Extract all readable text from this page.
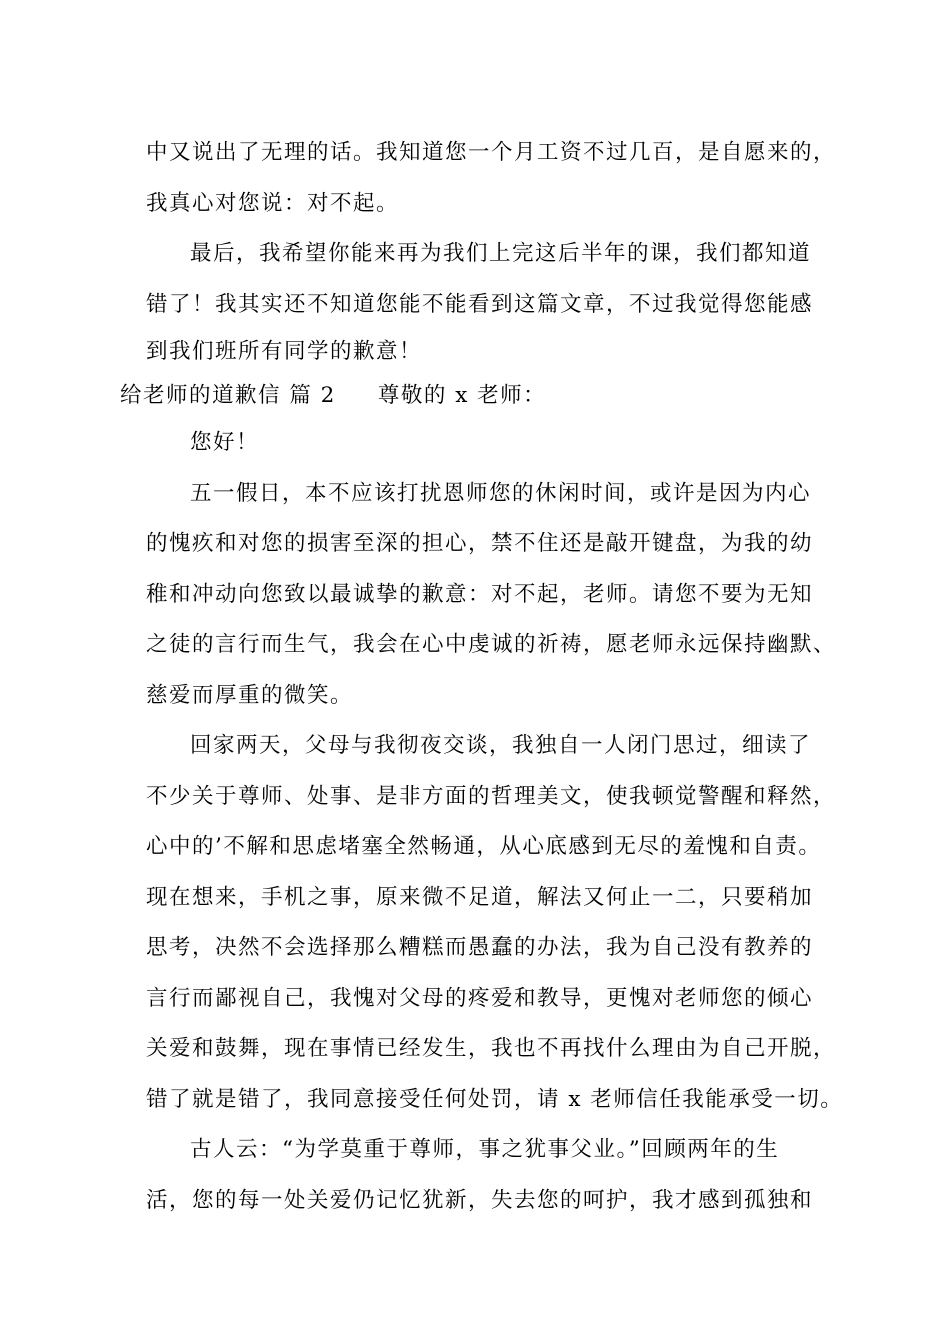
中又说出了无理的话。我知道您一个月工资不过几百，是自愿来的，
我真心对您说：对不起。
最后，我希望你能来再为我们上完这后半年的课，我们都知道
错了！我其实还不知道您能不能看到这篇文章，不过我觉得您能感
到我们班所有同学的歉意！
给老师的道歉信 篇 2 尊敬的 x 老师：
您好！
五一假日，本不应该打扰恩师您的休闲时间，或许是因为内心
的愧疚和对您的损害至深的担心，禁不住还是敲开键盘，为我的幼
稚和冲动向您致以最诚挚的歉意：对不起，老师。请您不要为无知
之徒的言行而生气，我会在心中虔诚的祈祷，愿老师永远保持幽默、
慈爱而厚重的微笑。
回家两天，父母与我彻夜交谈，我独自一人闭门思过，细读了
不少关于尊师、处事、是非方面的哲理美文，使我顿觉警醒和释然，
心中的’不解和思虑堵塞全然畅通，从心底感到无尽的羞愧和自责。
现在想来，手机之事，原来微不足道，解法又何止一二，只要稍加
思考，决然不会选择那么糟糕而愚蠢的办法，我为自己没有教养的
言行而鄙视自己，我愧对父母的疼爱和教导，更愧对老师您的倾心
关爱和鼓舞，现在事情已经发生，我也不再找什么理由为自己开脱，
错了就是错了，我同意接受任何处罚，请 x 老师信任我能承受一切。
古人云：“为学莫重于尊师，事之犹事父业。”回顾两年的生
活，您的每一处关爱仍记忆犹新，失去您的呵护，我才感到孤独和
